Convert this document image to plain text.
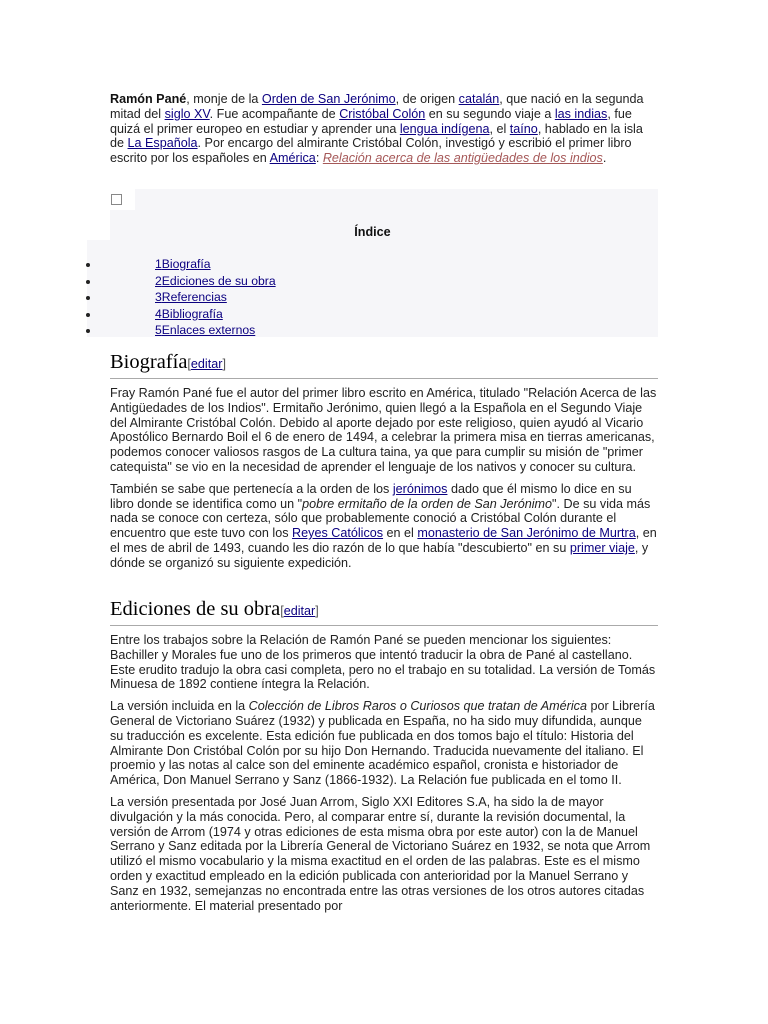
Ramón Pané, monje de la Orden de San Jerónimo, de origen catalán, que nació en la segunda mitad del siglo XV. Fue acompañante de Cristóbal Colón en su segundo viaje a las indias, fue quizá el primer europeo en estudiar y aprender una lengua indígena, el taíno, hablado en la isla de La Española. Por encargo del almirante Cristóbal Colón, investigó y escribió el primer libro escrito por los españoles en América: Relación acerca de las antigüedades de los indios.

Índice
1Biografía
2Ediciones de su obra
3Referencias
4Bibliografía
5Enlaces externos
Biografía[editar]

Fray Ramón Pané fue el autor del primer libro escrito en América, titulado "Relación Acerca de las Antigüedades de los Indios". Ermitaño Jerónimo, quien llegó a la Española en el Segundo Viaje del Almirante Cristóbal Colón. Debido al aporte dejado por este religioso, quien ayudó al Vicario Apostólico Bernardo Boil el 6 de enero de 1494, a celebrar la primera misa en tierras americanas, podemos conocer valiosos rasgos de La cultura taina, ya que para cumplir su misión de "primer catequista" se vio en la necesidad de aprender el lenguaje de los nativos y conocer su cultura.

También se sabe que pertenecía a la orden de los jerónimos dado que él mismo lo dice en su libro donde se identifica como un "pobre ermitaño de la orden de San Jerónimo". De su vida más nada se conoce con certeza, sólo que probablemente conoció a Cristóbal Colón durante el encuentro que este tuvo con los Reyes Católicos en el monasterio de San Jerónimo de Murtra, en el mes de abril de 1493, cuando les dio razón de lo que había "descubierto" en su primer viaje, y dónde se organizó su siguiente expedición.

Ediciones de su obra[editar]

Entre los trabajos sobre la Relación de Ramón Pané se pueden mencionar los siguientes: Bachiller y Morales fue uno de los primeros que intentó traducir la obra de Pané al castellano. Este erudito tradujo la obra casi completa, pero no el trabajo en su totalidad. La versión de Tomás Minuesa de 1892 contiene íntegra la Relación.

La versión incluida en la Colección de Libros Raros o Curiosos que tratan de América por Librería General de Victoriano Suárez (1932) y publicada en España, no ha sido muy difundida, aunque su traducción es excelente. Esta edición fue publicada en dos tomos bajo el título: Historia del Almirante Don Cristóbal Colón por su hijo Don Hernando. Traducida nuevamente del italiano. El proemio y las notas al calce son del eminente académico español, cronista e historiador de América, Don Manuel Serrano y Sanz (1866-1932). La Relación fue publicada en el tomo II.

La versión presentada por José Juan Arrom, Siglo XXI Editores S.A, ha sido la de mayor divulgación y la más conocida. Pero, al comparar entre sí, durante la revisión documental, la versión de Arrom (1974 y otras ediciones de esta misma obra por este autor) con la de Manuel Serrano y Sanz editada por la Librería General de Victoriano Suárez en 1932, se nota que Arrom utilizó el mismo vocabulario y la misma exactitud en el orden de las palabras. Este es el mismo orden y exactitud empleado en la edición publicada con anterioridad por la Manuel Serrano y Sanz en 1932, semejanzas no encontrada entre las otras versiones de los otros autores citadas anteriormente. El material presentado por
